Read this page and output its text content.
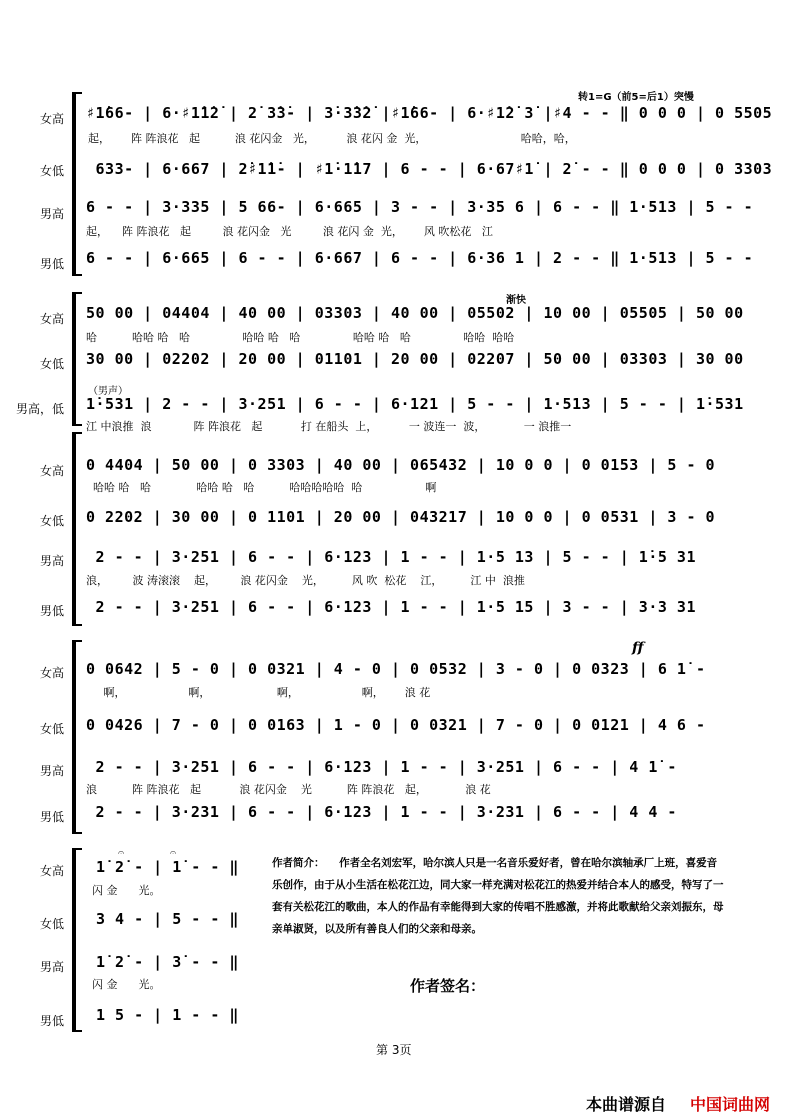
转1=G（前5=后1）突慢
女高 ♯1̇66- | 6·♯1̇1̇2̇ | 2̇ 3̇3̇- | 3̇·3̇3̇2̇ |♯1̇66- | 6·♯1̇2̇ 3̇ |♯4 - - ‖ 0 0 0 | 0 5505
起，      阵 阵浪花   起          浪 花闪金   光，         浪 花闪 金  光，                           哈哈，哈，
女低 633- | 6·667 | 2̇♯1̇1̇- | ♯1̇·1̇17 | 6 - - | 6·67♯1̇ | 2̇ - - ‖ 0 0 0 | 0 3303
男高 6 - - | 3·335 | 5 66- | 6·665 | 3 - - | 3·35 6 | 6 - - ‖ 1·513 | 5 - -
起，    阵 阵浪花   起         浪 花闪金   光         浪 花闪 金  光，      风 吹松花   江
男低 6 - - | 6·665 | 6 - - | 6·667 | 6 - - | 6·36 1 | 2 - - ‖ 1·513 | 5 - -
渐快
女高 50 00 | 04404 | 40 00 | 03303 | 40 00 | 05502 | 10 00 | 05505 | 50 00
哈          哈哈 哈   哈               哈哈 哈   哈               哈哈 哈   哈               哈哈  哈哈
女低 30 00 | 02202 | 20 00 | 01101 | 20 00 | 02207 | 50 00 | 03303 | 30 00
（男声）
男高，低 1̇·531 | 2 - - | 3·251 | 6 - - | 6·121 | 5 - - | 1·513 | 5 - - | 1̇·531
江 中浪推  浪            阵 阵浪花   起           打 在船头  上，         一 波连一  波，           一 浪推一
女高 0 4404 | 50 00 | 0 3303 | 40 00 | 065432 | 10 0 0 | 0 0153 | 5 - 0
哈哈 哈   哈             哈哈 哈   哈          哈哈哈哈哈  哈                  啊
女低 0 2202 | 30 00 | 0 1101 | 20 00 | 043217 | 10 0 0 | 0 0531 | 3 - 0
男高 2 - - | 3·251 | 6 - - | 6·123 | 1 - - | 1·5 13 | 5 - - | 1̇·5 31
浪，       波 涛滚滚    起，       浪 花闪金    光，        风 吹  松花    江，        江 中  浪推
男低 2 - - | 3·251 | 6 - - | 6·123 | 1 - - | 1·5 15 | 3 - - | 3·3 31
ff
女高 0 0642 | 5 - 0 | 0 0321 | 4 - 0 | 0 0532 | 3 - 0 | 0 0323 | 6 1̇ -
啊，                  啊，                   啊，                  啊，      浪 花
女低 0 0426 | 7 - 0 | 0 0163 | 1 - 0 | 0 0321 | 7 - 0 | 0 0121 | 4 6 -
男高 2 - - | 3·251 | 6 - - | 6·123 | 1 - - | 3·251 | 6 - - | 4 1̇ -
浪          阵 阵浪花   起           浪 花闪金    光          阵 阵浪花   起，           浪 花
男低 2 - - | 3·231 | 6 - - | 6·123 | 1 - - | 3·231 | 6 - - | 4 4 -
𝄐	𝄐
女高 1̇ 2̇ - | 1̇ - - ‖
闪 金      光。
女低 3 4 - | 5 - - ‖
男高 1̇ 2̇ - | 3̇ - - ‖
闪 金      光。
男低 1 5 - | 1 - - ‖
作者简介： 作者全名刘宏军，哈尔滨人只是一名音乐爱好者，曾在哈尔滨轴承厂上班，喜爱音乐创作，由于从小生活在松花江边，同大家一样充满对松花江的热爱并结合本人的感受，特写了一套有关松花江的歌曲，本人的作品有幸能得到大家的传唱不胜感激，并将此歌献给父亲刘振东，母亲单淑贤，以及所有善良人们的父亲和母亲。
作者签名：
第 3页
本曲谱源自 中国词曲网
